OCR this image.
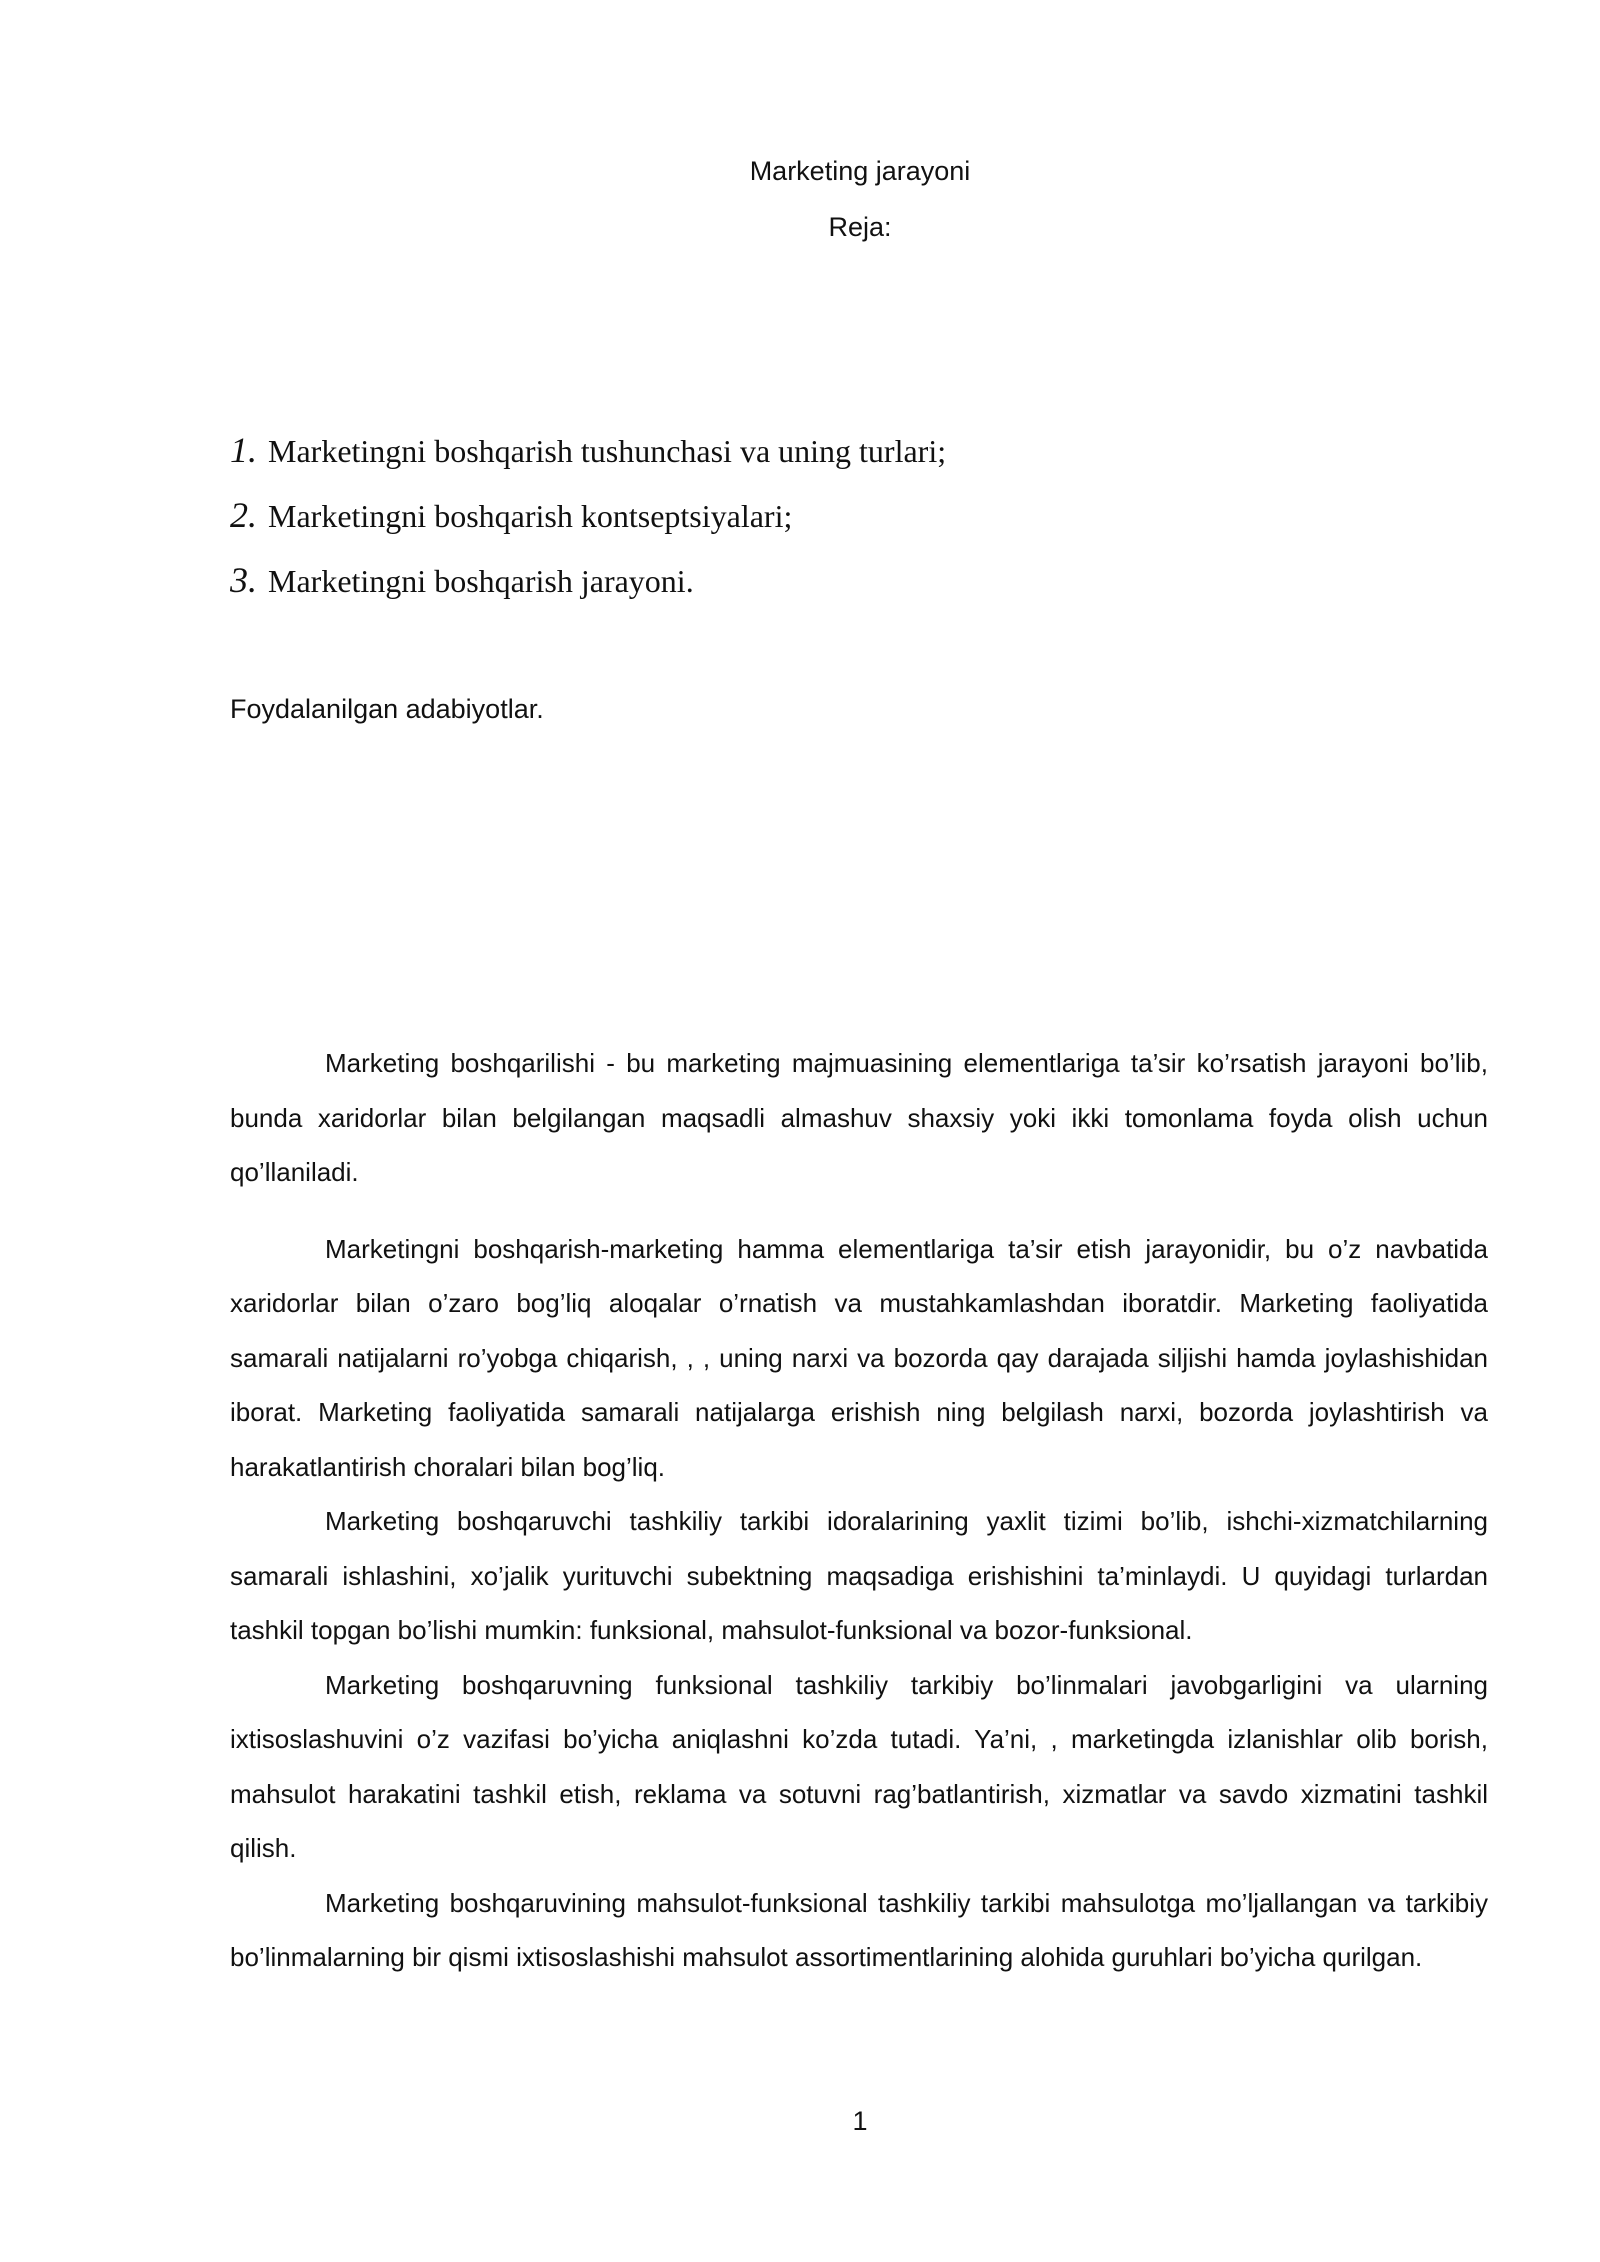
Marketing jarayoni
Reja:
1. Marketingni boshqarish tushunchasi va uning turlari;
2. Marketingni boshqarish kontseptsiyalari;
3. Marketingni boshqarish jarayoni.
Foydalanilgan adabiyotlar.

Marketing boshqarilishi - bu marketing majmuasining elementlariga ta’sir ko’rsatish jarayoni bo’lib, bunda xaridorlar bilan belgilangan maqsadli almashuv shaxsiy yoki ikki tomonlama foyda olish uchun qo’llaniladi.

Marketingni boshqarish-marketing hamma elementlariga ta’sir etish jarayonidir, bu o’z navbatida xaridorlar bilan o’zaro bog’liq aloqalar o’rnatish va mustahkamlashdan iboratdir. Marketing faoliyatida samarali natijalarni ro’yobga chiqarish, , , uning narxi va bozorda qay darajada siljishi hamda joylashishidan iborat. Marketing faoliyatida samarali natijalarga erishish ning belgilash narxi, bozorda joylashtirish va harakatlantirish choralari bilan bog’liq.

Marketing boshqaruvchi tashkiliy tarkibi idoralarining yaxlit tizimi bo’lib, ishchi-xizmatchilarning samarali ishlashini, xo’jalik yurituvchi subektning maqsadiga erishishini ta’minlaydi. U quyidagi turlardan tashkil topgan bo’lishi mumkin: funksional, mahsulot-funksional va bozor-funksional.

Marketing boshqaruvning funksional tashkiliy tarkibiy bo’linmalari javobgarligini va ularning ixtisoslashuvini o’z vazifasi bo’yicha aniqlashni ko’zda tutadi. Ya’ni, , marketingda izlanishlar olib borish, mahsulot harakatini tashkil etish, reklama va sotuvni rag’batlantirish, xizmatlar va savdo xizmatini tashkil qilish.

Marketing boshqaruvining mahsulot-funksional tashkiliy tarkibi mahsulotga mo’ljallangan va tarkibiy bo’linmalarning bir qismi ixtisoslashishi mahsulot assortimentlarining alohida guruhlari bo’yicha qurilgan.

1
